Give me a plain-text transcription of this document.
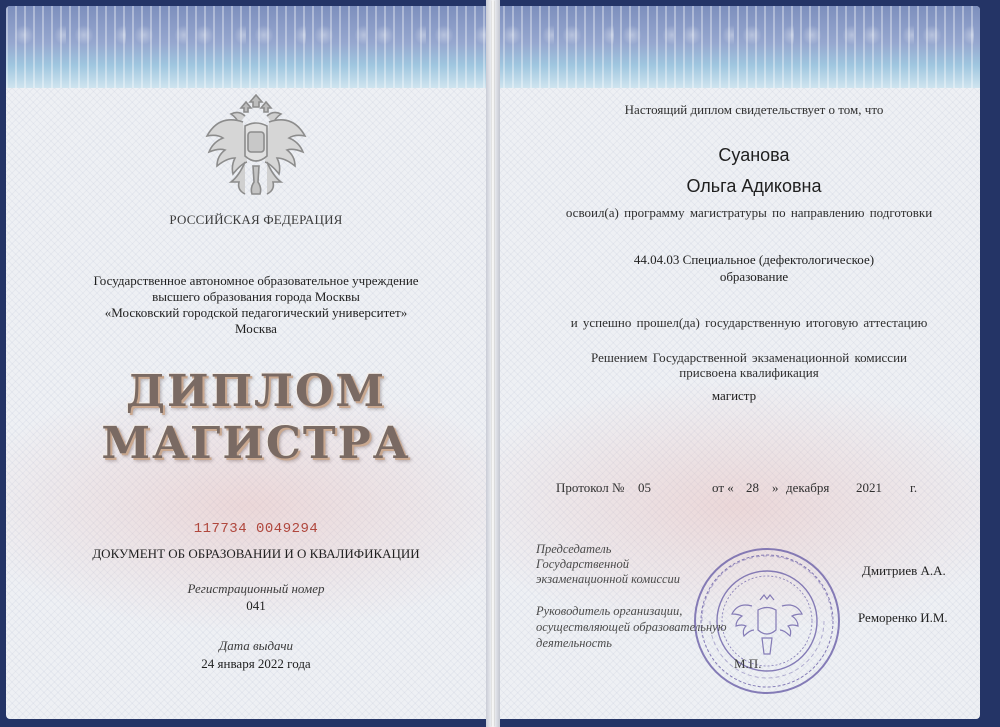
РОССИЙСКАЯ ФЕДЕРАЦИЯ
Государственное автономное образовательное учреждение
высшего образования города Москвы
«Московский городской педагогический университет»
Москва
ДИПЛОМ
МАГИСТРА
117734 0049294
ДОКУМЕНТ ОБ ОБРАЗОВАНИИ И О КВАЛИФИКАЦИИ
Регистрационный номер
041
Дата выдачи
24 января 2022 года
Настоящий диплом свидетельствует о том, что
Суанова
Ольга Адиковна
освоил(а) программу магистратуры по направлению подготовки
44.04.03 Специальное (дефектологическое)
образование
и успешно прошел(да) государственную итоговую аттестацию
Решением Государственной экзаменационной комиссии
присвоена квалификация
магистр
Протокол № 05	от « 28 » декабря 2021 г.
Председатель
Государственной
экзаменационной комиссии
Дмитриев А.А.
Руководитель организации,
осуществляющей образовательную
деятельность
Реморенко И.М.
М.П.
